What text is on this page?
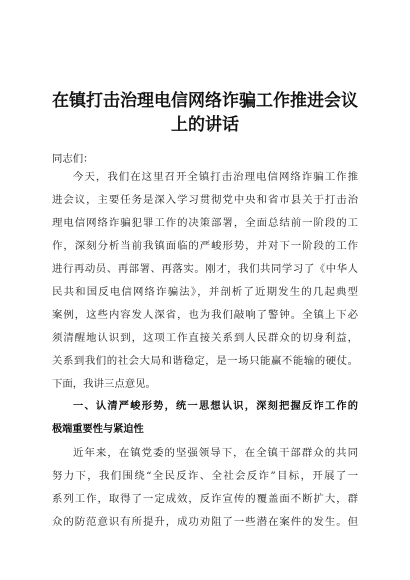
在镇打击治理电信网络诈骗工作推进会议
上的讲话
同志们：
今天，我们在这里召开全镇打击治理电信网络诈骗工作推
进会议，主要任务是深入学习贯彻党中央和省市县关于打击治
理电信网络诈骗犯罪工作的决策部署，全面总结前一阶段的工
作，深刻分析当前我镇面临的严峻形势，并对下一阶段的工作
进行再动员、再部署、再落实。刚才，我们共同学习了《中华人
民共和国反电信网络诈骗法》，并剖析了近期发生的几起典型
案例，这些内容发人深省，也为我们敲响了警钟。全镇上下必
须清醒地认识到，这项工作直接关系到人民群众的切身利益，
关系到我们的社会大局和谐稳定，是一场只能赢不能输的硬仗。
下面，我讲三点意见。
一、认清严峻形势，统一思想认识，深刻把握反诈工作的
极端重要性与紧迫性
近年来，在镇党委的坚强领导下，在全镇干部群众的共同
努力下，我们围绕“全民反诈、全社会反诈”目标，开展了一
系列工作，取得了一定成效，反诈宣传的覆盖面不断扩大，群
众的防范意识有所提升，成功劝阻了一些潜在案件的发生。但
